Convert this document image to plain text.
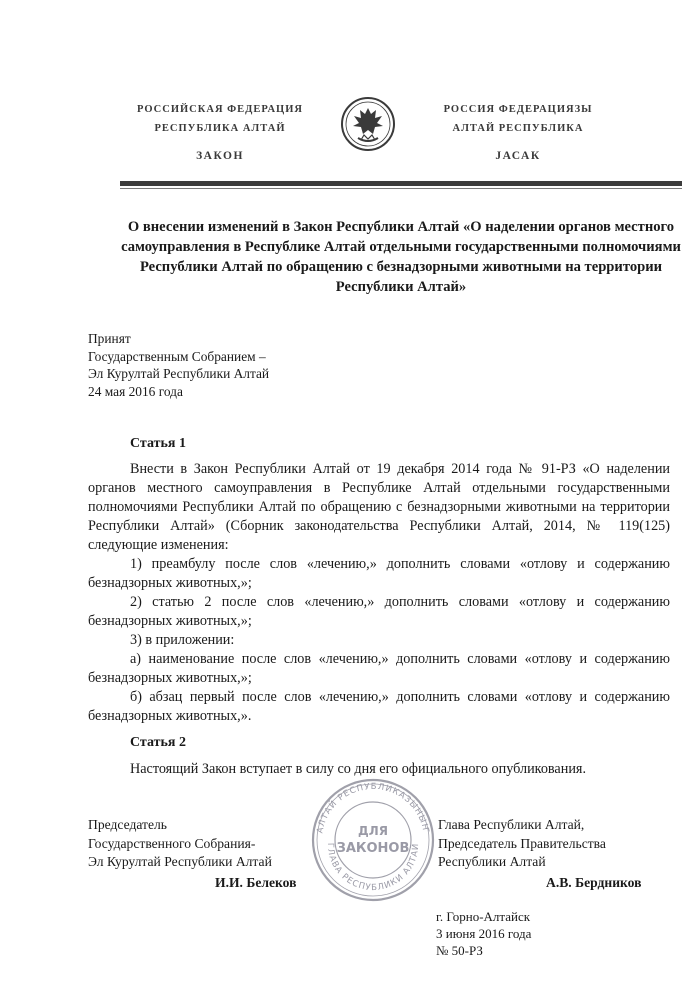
РОССИЙСКАЯ ФЕДЕРАЦИЯ
РЕСПУБЛИКА АЛТАЙ
ЗАКОН
РОССИЯ ФЕДЕРАЦИЯЗЫ
АЛТАЙ РЕСПУБЛИКА
ЈАСАК
О внесении изменений в Закон Республики Алтай «О наделении органов местного самоуправления в Республике Алтай отдельными государственными полномочиями Республики Алтай по обращению с безнадзорными животными на территории Республики Алтай»
Принят
Государственным Собранием –
Эл Курултай Республики Алтай
24 мая 2016 года
Статья 1

Внести в Закон Республики Алтай от 19 декабря 2014 года № 91-РЗ «О наделении органов местного самоуправления в Республике Алтай отдельными государственными полномочиями Республики Алтай по обращению с безнадзорными животными на территории Республики Алтай» (Сборник законодательства Республики Алтай, 2014, № 119(125) следующие изменения:

1) преамбулу после слов «лечению,» дополнить словами «отлову и содержанию безнадзорных животных,»;

2) статью 2 после слов «лечению,» дополнить словами «отлову и содержанию безнадзорных животных,»;

3) в приложении:

а) наименование после слов «лечению,» дополнить словами «отлову и содержанию безнадзорных животных,»;

б) абзац первый после слов «лечению,» дополнить словами «отлову и содержанию безнадзорных животных,».

Статья 2

Настоящий Закон вступает в силу со дня его официального опубликования.

Председатель
Государственного Собрания-
Эл Курултай Республики Алтай
И.И. Белеков
Глава Республики Алтай,
Председатель Правительства
Республики Алтай
А.В. Бердников
АЛТАЙ РЕСПУБЛИКАЗЫНЫҤ
ГЛАВА РЕСПУБЛИКИ АЛТАЙ
ДЛЯ
ЗАКОНОВ
г. Горно-Алтайск
3 июня 2016 года
№ 50-РЗ
